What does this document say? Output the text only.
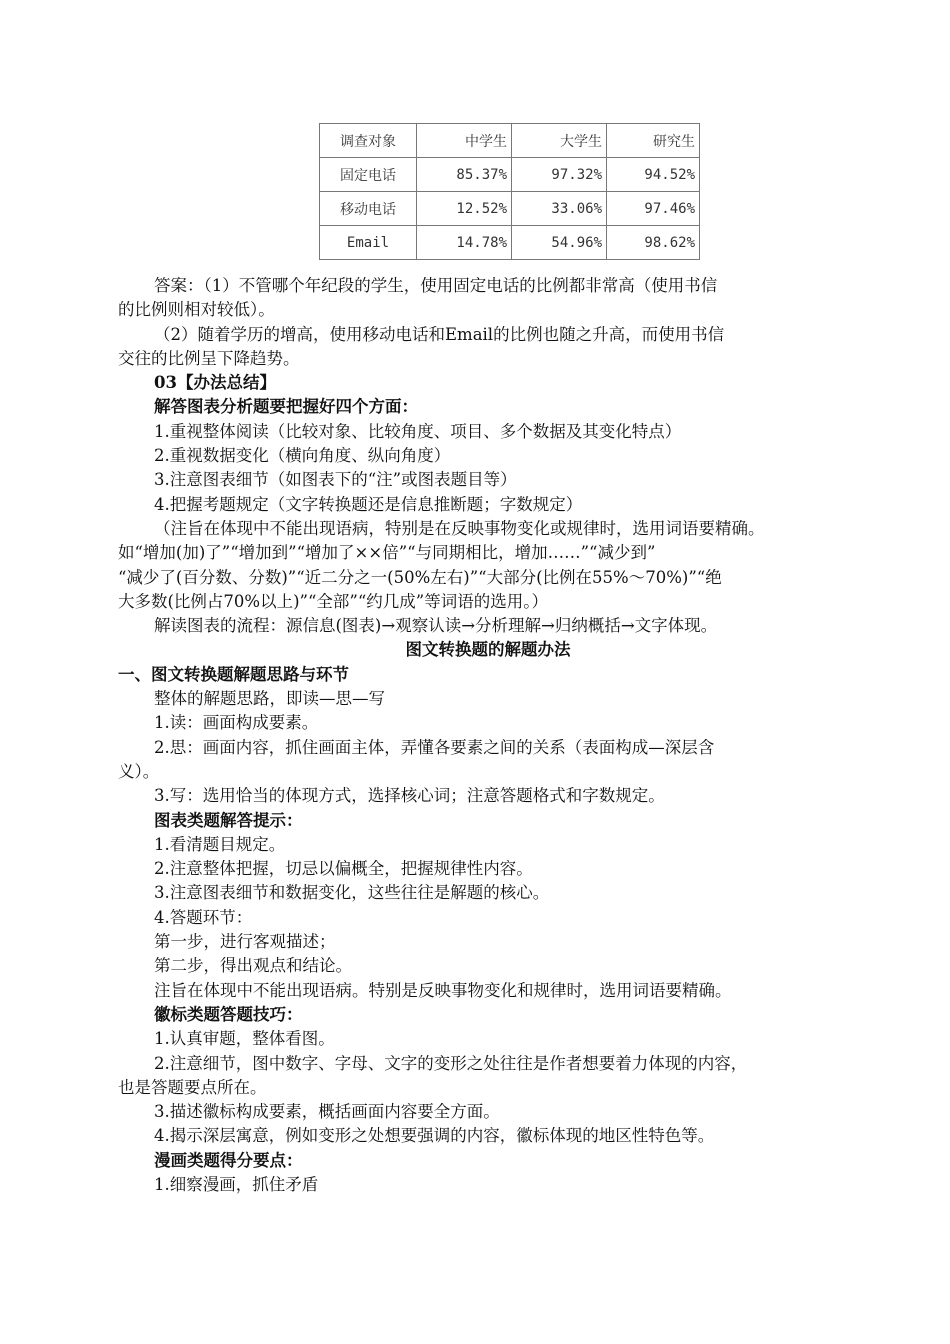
调查对象	中学生	大学生	研究生
固定电话	85.37%	97.32%	94.52%
移动电话	12.52%	33.06%	97.46%
Email	14.78%	54.96%	98.62%

答案：（1）不管哪个年纪段的学生，使用固定电话的比例都非常高（使用书信

的比例则相对较低）。

（2）随着学历的增高，使用移动电话和Email的比例也随之升高，而使用书信

交往的比例呈下降趋势。

03【办法总结】

解答图表分析题要把握好四个方面：

1.重视整体阅读（比较对象、比较角度、项目、多个数据及其变化特点）

2.重视数据变化（横向角度、纵向角度）

3.注意图表细节（如图表下的“注”或图表题目等）

4.把握考题规定（文字转换题还是信息推断题；字数规定）

（注旨在体现中不能出现语病，特别是在反映事物变化或规律时，选用词语要精确。

如“增加(加)了”“增加到”“增加了××倍”“与同期相比，增加……”“减少到”

“减少了(百分数、分数)”“近二分之一(50%左右)”“大部分(比例在55%～70%)”“绝

大多数(比例占70%以上)”“全部”“约几成”等词语的选用。）

解读图表的流程：源信息(图表)→观察认读→分析理解→归纳概括→文字体现。

图文转换题的解题办法

一、图文转换题解题思路与环节

整体的解题思路，即读—思—写

1.读：画面构成要素。

2.思：画面内容，抓住画面主体，弄懂各要素之间的关系（表面构成—深层含

义）。

3.写：选用恰当的体现方式，选择核心词；注意答题格式和字数规定。

图表类题解答提示：

1.看清题目规定。

2.注意整体把握，切忌以偏概全，把握规律性内容。

3.注意图表细节和数据变化，这些往往是解题的核心。

4.答题环节：

第一步，进行客观描述；

第二步，得出观点和结论。

注旨在体现中不能出现语病。特别是反映事物变化和规律时，选用词语要精确。

徽标类题答题技巧：

1.认真审题，整体看图。

2.注意细节，图中数字、字母、文字的变形之处往往是作者想要着力体现的内容，

也是答题要点所在。

3.描述徽标构成要素，概括画面内容要全方面。

4.揭示深层寓意，例如变形之处想要强调的内容，徽标体现的地区性特色等。

漫画类题得分要点：

1.细察漫画，抓住矛盾
